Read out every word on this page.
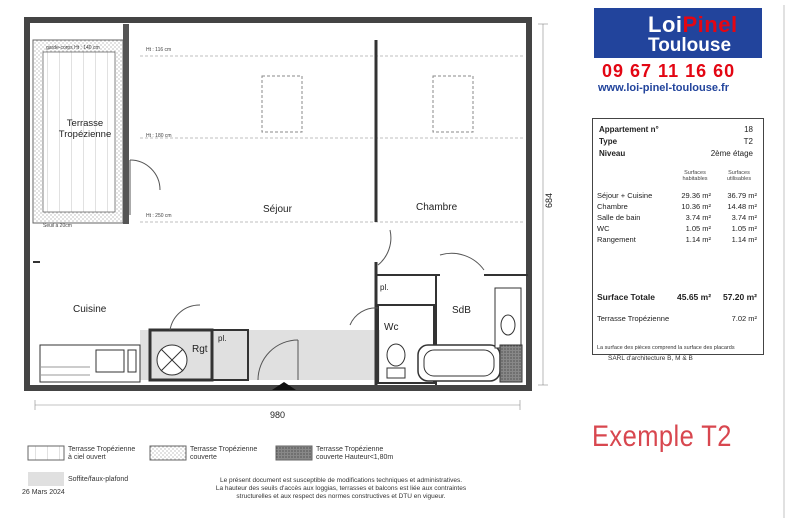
Terrasse
Tropézienne
Séjour	Chambre
Cuisine
Rgt
pl.
pl.
Wc
SdB
garde-corps Ht : 140 cm	Ht : 116 cm
Ht : 180 cm
Ht : 250 cm
Seuil à 20cm
980
684
LoiPinel
Toulouse
09 67 11 16 60
www.loi-pinel-toulouse.fr
Appartement n°	18
Type	T2
Niveau	2ème étage
Surfaces
habitables
Surfaces
utilisables
Séjour + Cuisine	29.36 m² 36.79 m²
Chambre	10.36 m² 14.48 m²
Salle de bain	3.74 m²	3.74 m²
WC	1.05 m²	1.05 m²
Rangement	1.14 m²	1.14 m²
Surface Totale	45.65 m² 57.20 m²
Terrasse Tropézienne	7.02 m²
La surface des pièces comprend la surface des placards
SARL d'architecture B, M & B
Exemple T2
Terrasse Tropézienne
à ciel ouvert
Terrasse Tropézienne
couverte
Terrasse Tropézienne
couverte Hauteur<1,80m
Soffite/faux-plafond
26 Mars 2024
Le présent document est susceptible de modifications techniques et administratives.
La hauteur des seuils d'accès aux loggias, terrasses et balcons est liée aux contraintes
structurelles et aux respect des normes constructives et DTU en vigueur.
